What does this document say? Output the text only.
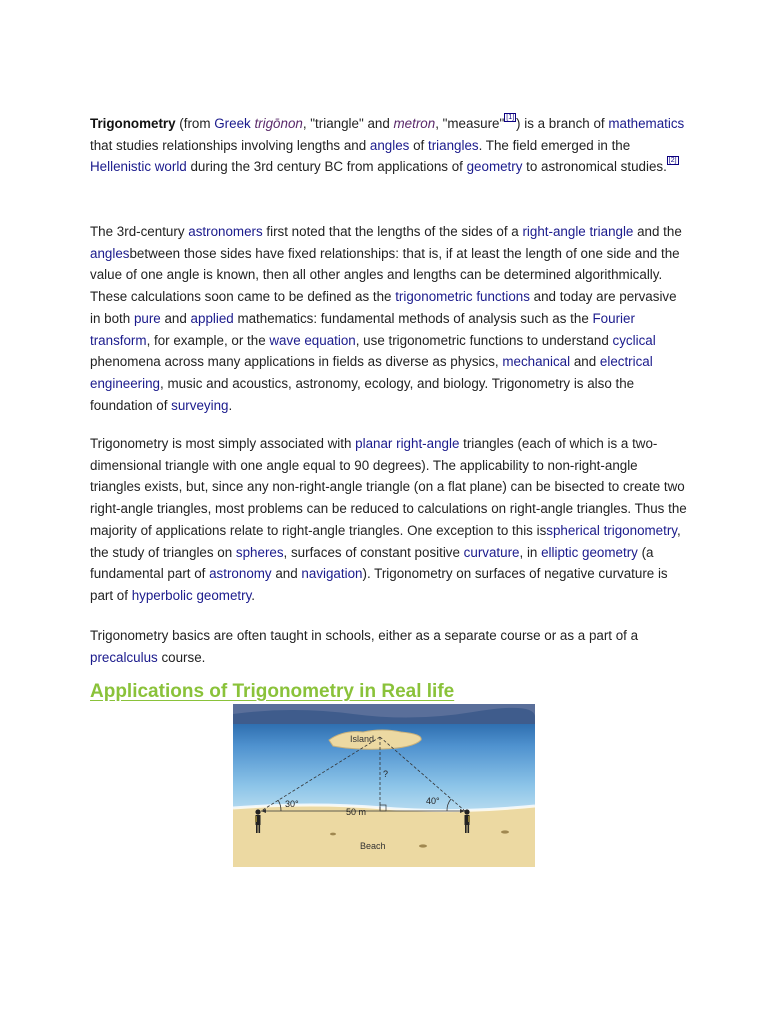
Trigonometry (from Greek trigōnon, "triangle" and metron, "measure" [1] ) is a branch of mathematics that studies relationships involving lengths and angles of triangles. The field emerged in the Hellenistic world during the 3rd century BC from applications of geometry to astronomical studies. [2]

The 3rd-century astronomers first noted that the lengths of the sides of a right-angle triangle and the anglesbetween those sides have fixed relationships: that is, if at least the length of one side and the value of one angle is known, then all other angles and lengths can be determined algorithmically. These calculations soon came to be defined as the trigonometric functions and today are pervasive in both pure and applied mathematics: fundamental methods of analysis such as the Fourier transform, for example, or the wave equation, use trigonometric functions to understand cyclical phenomena across many applications in fields as diverse as physics, mechanical and electrical engineering, music and acoustics, astronomy, ecology, and biology. Trigonometry is also the foundation of surveying.

Trigonometry is most simply associated with planar right-angle triangles (each of which is a two-dimensional triangle with one angle equal to 90 degrees). The applicability to non-right-angle triangles exists, but, since any non-right-angle triangle (on a flat plane) can be bisected to create two right-angle triangles, most problems can be reduced to calculations on right-angle triangles. Thus the majority of applications relate to right-angle triangles. One exception to this isspherical trigonometry, the study of triangles on spheres, surfaces of constant positive curvature, in elliptic geometry (a fundamental part of astronomy and navigation). Trigonometry on surfaces of negative curvature is part of hyperbolic geometry.

Trigonometry basics are often taught in schools, either as a separate course or as a part of a precalculus course.

Applications of Trigonometry in Real life
Island
30°	40°
?
50 m
Beach
